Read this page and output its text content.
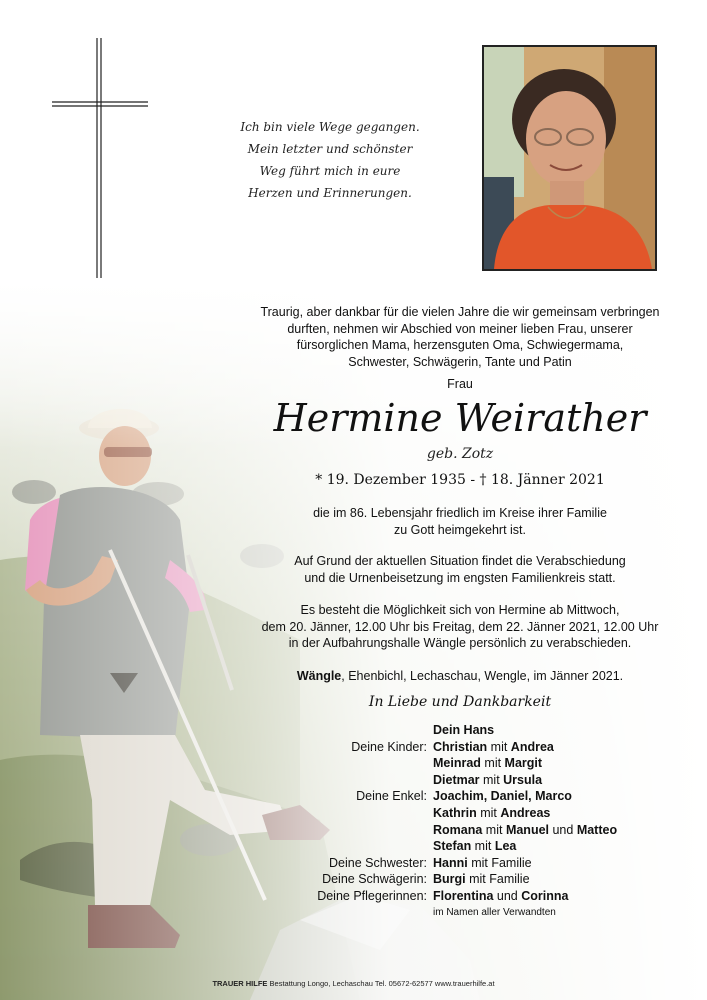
Ich bin viele Wege gegangen.
Mein letzter und schönster
Weg führt mich in eure
Herzen und Erinnerungen.
Traurig, aber dankbar für die vielen Jahre die wir gemeinsam verbringen
durften, nehmen wir Abschied von meiner lieben Frau, unserer
fürsorglichen Mama, herzensguten Oma, Schwiegermama,
Schwester, Schwägerin, Tante und Patin
Frau
Hermine Weirather
geb. Zotz
* 19. Dezember 1935 - † 18. Jänner 2021
die im 86. Lebensjahr friedlich im Kreise ihrer Familie
zu Gott heimgekehrt ist.
Auf Grund der aktuellen Situation findet die Verabschiedung
und die Urnenbeisetzung im engsten Familienkreis statt.
Es besteht die Möglichkeit sich von Hermine ab Mittwoch,
dem 20. Jänner, 12.00 Uhr bis Freitag, dem 22. Jänner 2021, 12.00 Uhr
in der Aufbahrungshalle Wängle persönlich zu verabschieden.
Wängle, Ehenbichl, Lechaschau, Wengle, im Jänner 2021.
In Liebe und Dankbarkeit
Dein Hans
Deine Kinder: Christian mit Andrea
Meinrad mit Margit
Dietmar mit Ursula
Deine Enkel: Joachim, Daniel, Marco
Kathrin mit Andreas
Romana mit Manuel und Matteo
Stefan mit Lea
Deine Schwester: Hanni mit Familie
Deine Schwägerin: Burgi mit Familie
Deine Pflegerinnen: Florentina und Corinna
im Namen aller Verwandten
TRAUER HILFE Bestattung Longo, Lechaschau Tel. 05672-62577 www.trauerhilfe.at
